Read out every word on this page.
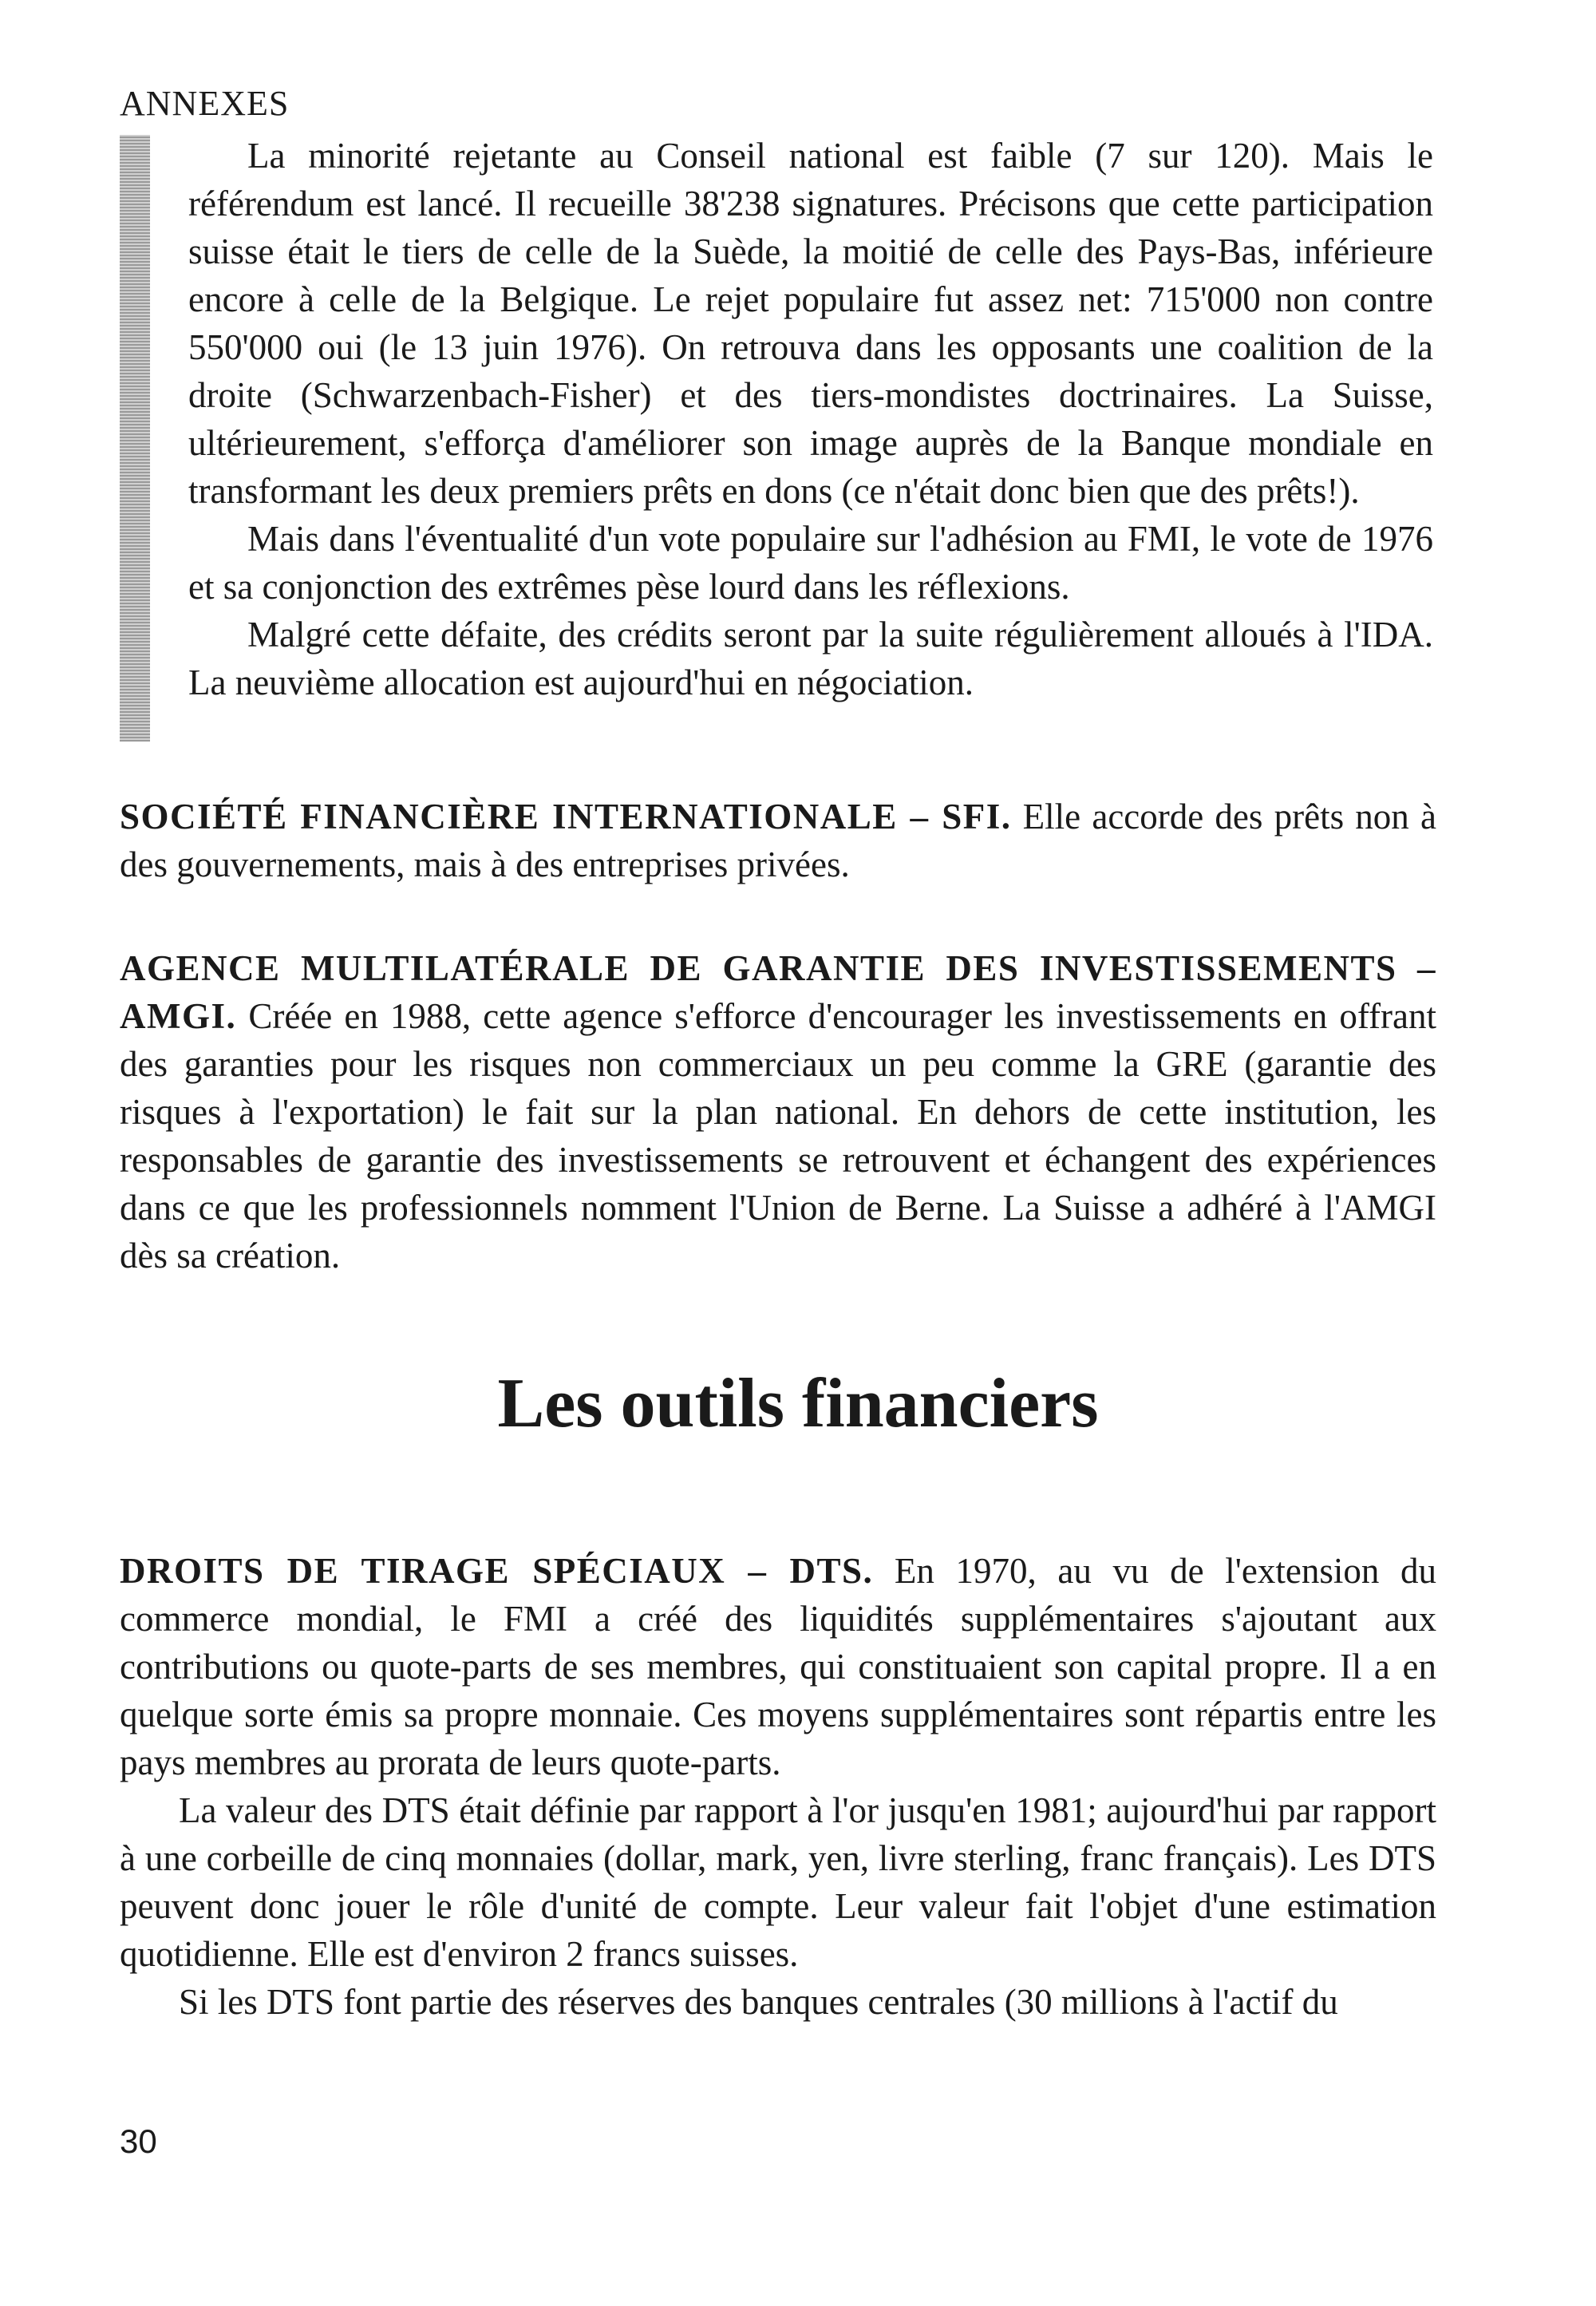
ANNEXES

La minorité rejetante au Conseil national est faible (7 sur 120). Mais le référendum est lancé. Il recueille 38'238 signatures. Précisons que cette participation suisse était le tiers de celle de la Suède, la moitié de celle des Pays-Bas, inférieure encore à celle de la Belgique. Le rejet populaire fut assez net: 715'000 non contre 550'000 oui (le 13 juin 1976). On retrouva dans les opposants une coalition de la droite (Schwarzenbach-Fisher) et des tiers-mondistes doctrinaires. La Suisse, ultérieurement, s'efforça d'améliorer son image auprès de la Banque mondiale en transformant les deux premiers prêts en dons (ce n'était donc bien que des prêts!).

Mais dans l'éventualité d'un vote populaire sur l'adhésion au FMI, le vote de 1976 et sa conjonction des extrêmes pèse lourd dans les réflexions.

Malgré cette défaite, des crédits seront par la suite régulièrement alloués à l'IDA. La neuvième allocation est aujourd'hui en négociation.

SOCIÉTÉ FINANCIÈRE INTERNATIONALE – SFI. Elle accorde des prêts non à des gouvernements, mais à des entreprises privées.

AGENCE MULTILATÉRALE DE GARANTIE DES INVESTISSEMENTS – AMGI. Créée en 1988, cette agence s'efforce d'encourager les investissements en offrant des garanties pour les risques non commerciaux un peu comme la GRE (garantie des risques à l'exportation) le fait sur la plan national. En dehors de cette institution, les responsables de garantie des investissements se retrouvent et échangent des expériences dans ce que les professionnels nomment l'Union de Berne. La Suisse a adhéré à l'AMGI dès sa création.

Les outils financiers

DROITS DE TIRAGE SPÉCIAUX – DTS. En 1970, au vu de l'extension du commerce mondial, le FMI a créé des liquidités supplémentaires s'ajoutant aux contributions ou quote-parts de ses membres, qui constituaient son capital propre. Il a en quelque sorte émis sa propre monnaie. Ces moyens supplémentaires sont répartis entre les pays membres au prorata de leurs quote-parts.

La valeur des DTS était définie par rapport à l'or jusqu'en 1981; aujourd'hui par rapport à une corbeille de cinq monnaies (dollar, mark, yen, livre sterling, franc français). Les DTS peuvent donc jouer le rôle d'unité de compte. Leur valeur fait l'objet d'une estimation quotidienne. Elle est d'environ 2 francs suisses.

Si les DTS font partie des réserves des banques centrales (30 millions à l'actif du

30
